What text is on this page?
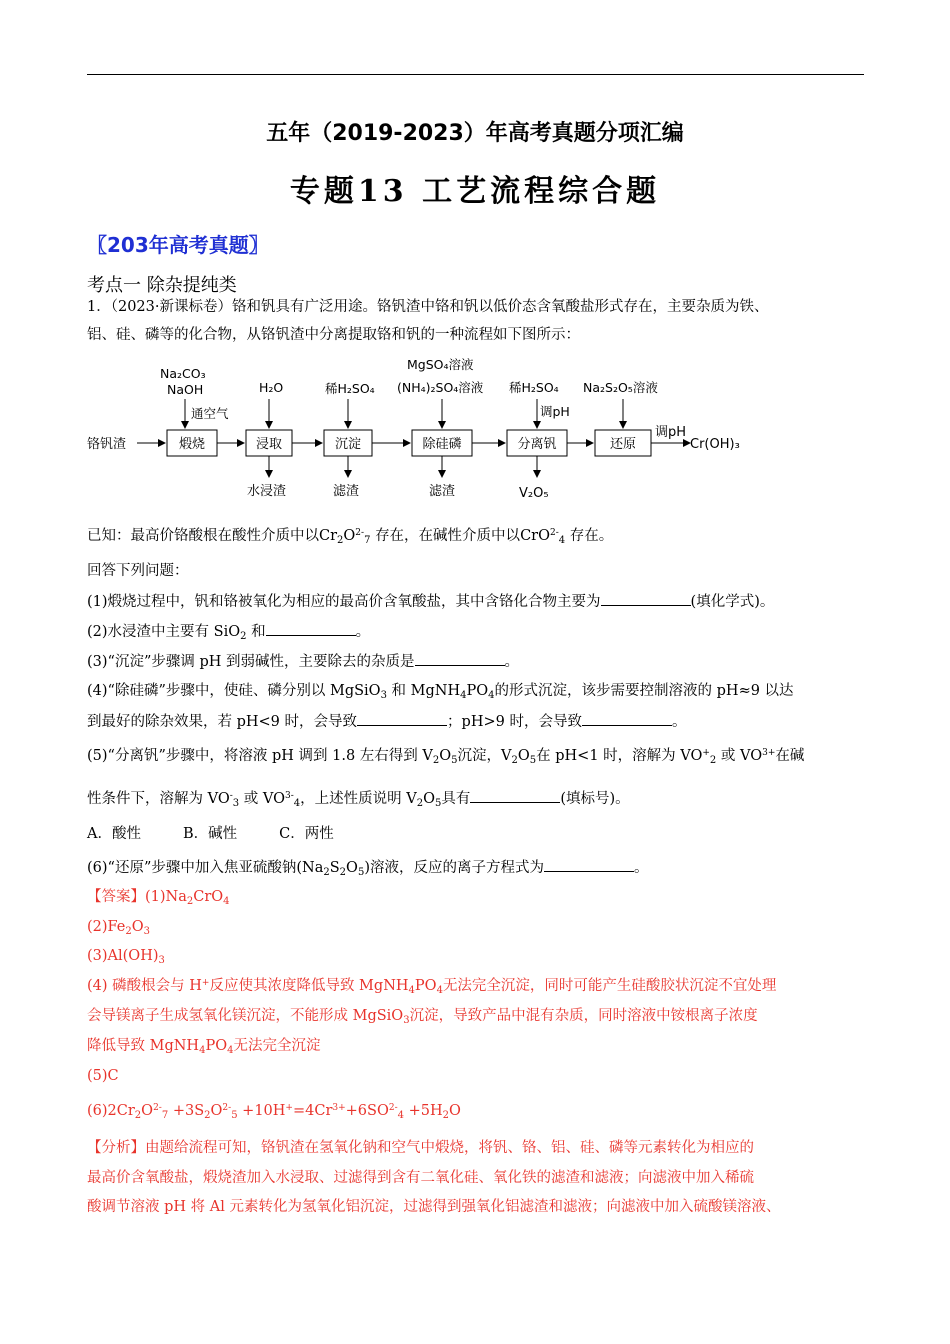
五年（2019-2023）年高考真题分项汇编
专题13 工艺流程综合题
〖203年高考真题〗
考点一 除杂提纯类
1．（2023·新课标卷）铬和钒具有广泛用途。铬钒渣中铬和钒以低价态含氧酸盐形式存在，主要杂质为铁、
铝、硅、磷等的化合物，从铬钒渣中分离提取铬和钒的一种流程如下图所示：
铬钒渣	煅烧	浸取	沉淀	除硅磷	分离钒	还原
调pH
Cr(OH)₃
Na₂CO₃
NaOH
通空气
H₂O	稀H₂SO₄
MgSO₄溶液
(NH₄)₂SO₄溶液 稀H₂SO₄
调pH
Na₂S₂O₅溶液
水浸渣	滤渣	滤渣	V₂O₅
已知：最高价铬酸根在酸性介质中以$Cr_2O^{2-}_7$ 存在，在碱性介质中以CrO$^{2-}_4$ 存在。
回答下列问题：
(1)煅烧过程中，钒和铬被氧化为相应的最高价含氧酸盐，其中含铬化合物主要为	(填化学式)。
(2)水浸渣中主要有 SiO$_2$ 和	。
(3)“沉淀”步骤调 pH 到弱碱性，主要除去的杂质是	。
(4)“除硅磷”步骤中，使硅、磷分别以 MgSiO$_3$ 和 $MgNH_4PO_4$的形式沉淀，该步需要控制溶液的 pH≈9 以达
到最好的除杂效果，若 pH<9 时，会导致	；pH>9 时，会导致	。
(5)“分离钒”步骤中，将溶液 pH 调到 1.8 左右得到 $V_2O_5$沉淀，$V_2O_5$在 pH<1 时，溶解为 $VO^+_2$ 或 $VO^{3+}$在碱
性条件下，溶解为 $VO^-_3$ 或 $VO^{3-}_4$，上述性质说明 $V_2O_5$具有	(填标号)。
A．酸性	B．碱性	C．两性
(6)“还原”步骤中加入焦亚硫酸钠$(Na_2S_2O_5)$溶液，反应的离子方程式为	。
【答案】$(1)Na_2CrO_4$
$(2)Fe_2O_3$
$(3)Al(OH)_3$
(4) 磷酸根会与 H+反应使其浓度降低导致 $MgNH_4PO_4$无法完全沉淀，同时可能产生硅酸胶状沉淀不宜处理
会导镁离子生成氢氧化镁沉淀，不能形成 MgSiO$_3$沉淀，导致产品中混有杂质，同时溶液中铵根离子浓度
降低导致 $MgNH_4PO_4$无法完全沉淀
(5)C
$(6)2Cr_2O^{2-}_7 +3S_2O^{2-}_5 +10H^+=4Cr^{3+}+6SO^{2-}_4 +5H_2O$
【分析】由题给流程可知，铬钒渣在氢氧化钠和空气中煅烧，将钒、铬、铝、硅、磷等元素转化为相应的
最高价含氧酸盐，煅烧渣加入水浸取、过滤得到含有二氧化硅、氧化铁的滤渣和滤液；向滤液中加入稀硫
酸调节溶液 pH 将 Al 元素转化为氢氧化铝沉淀，过滤得到强氧化铝滤渣和滤液；向滤液中加入硫酸镁溶液、
